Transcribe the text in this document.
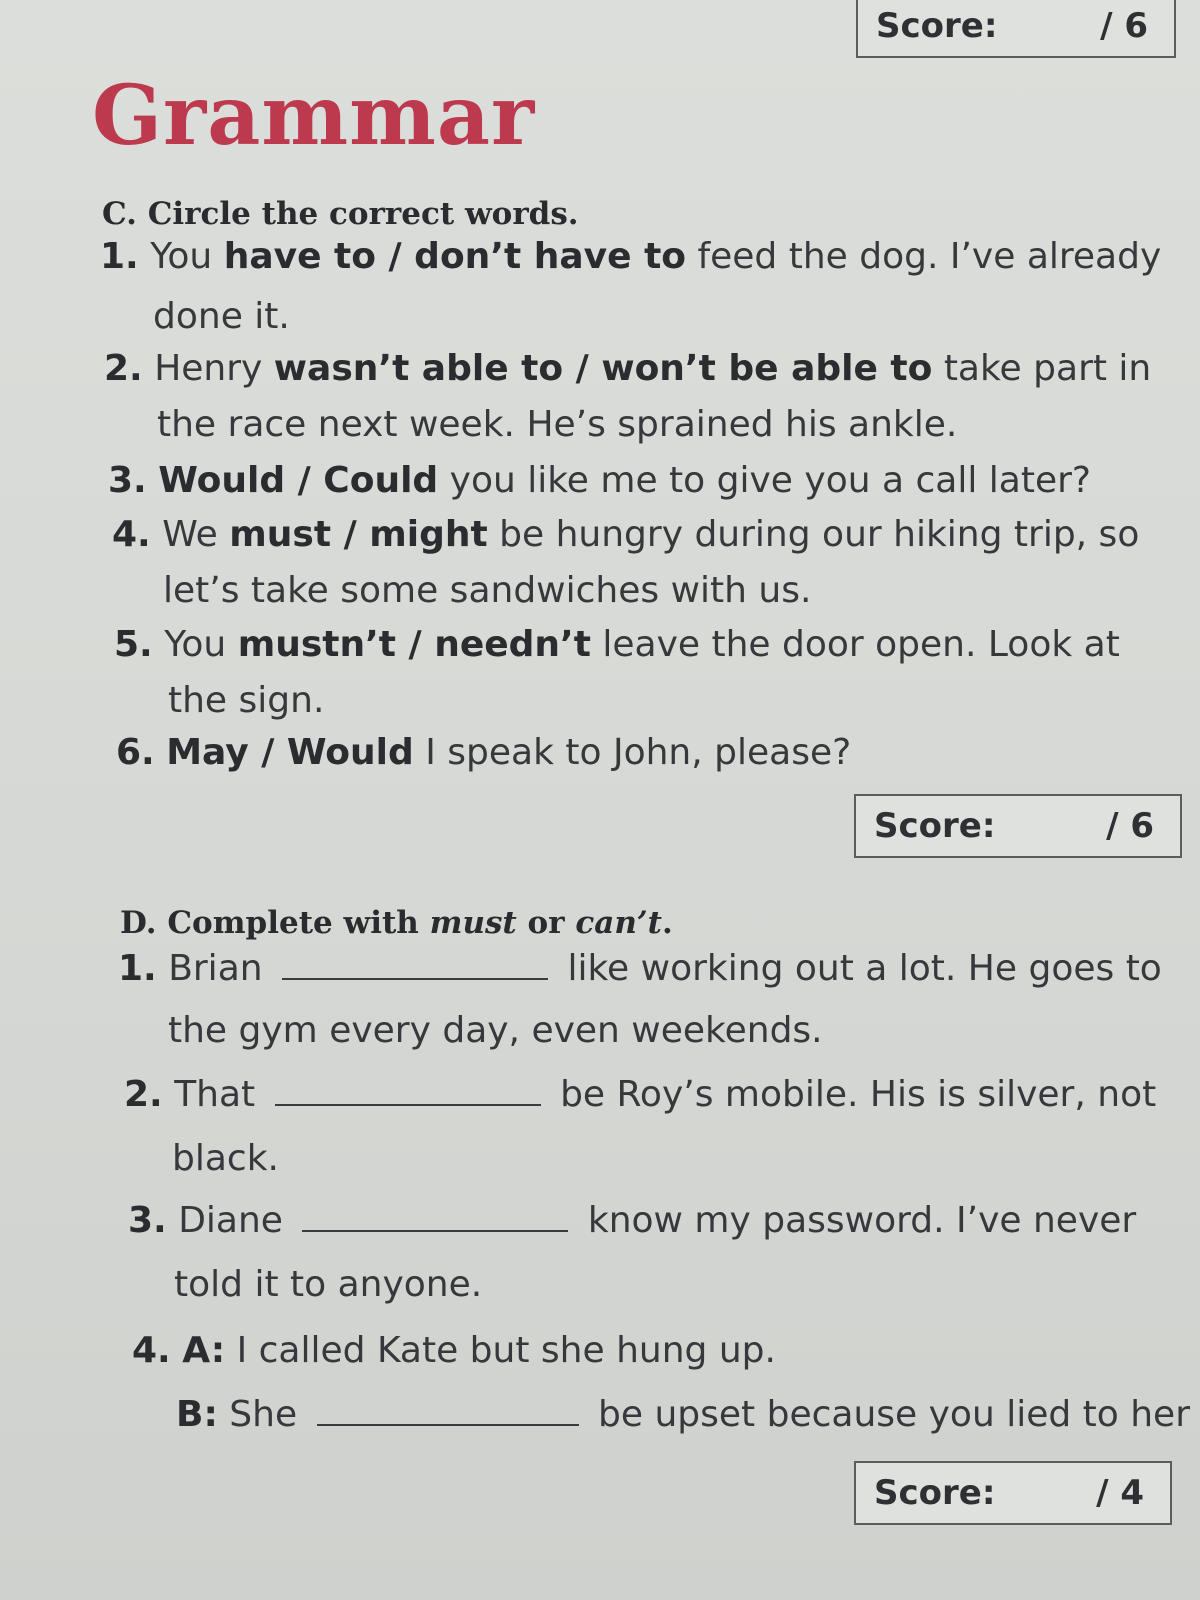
Score:	/ 6
Grammar
C. Circle the correct words.
1. You have to / don’t have to feed the dog. I’ve already
done it.
2. Henry wasn’t able to / won’t be able to take part in
the race next week. He’s sprained his ankle.
3. Would / Could you like me to give you a call later?
4. We must / might be hungry during our hiking trip, so
let’s take some sandwiches with us.
5. You mustn’t / needn’t leave the door open. Look at
the sign.
6. May / Would I speak to John, please?
Score:	/ 6
D. Complete with must or can’t.
1. Brian	like working out a lot. He goes to
the gym every day, even weekends.
2. That	be Roy’s mobile. His is silver, not
black.
3. Diane	know my password. I’ve never
told it to anyone.
4. A: I called Kate but she hung up.
B: She	be upset because you lied to her
Score:	/ 4
